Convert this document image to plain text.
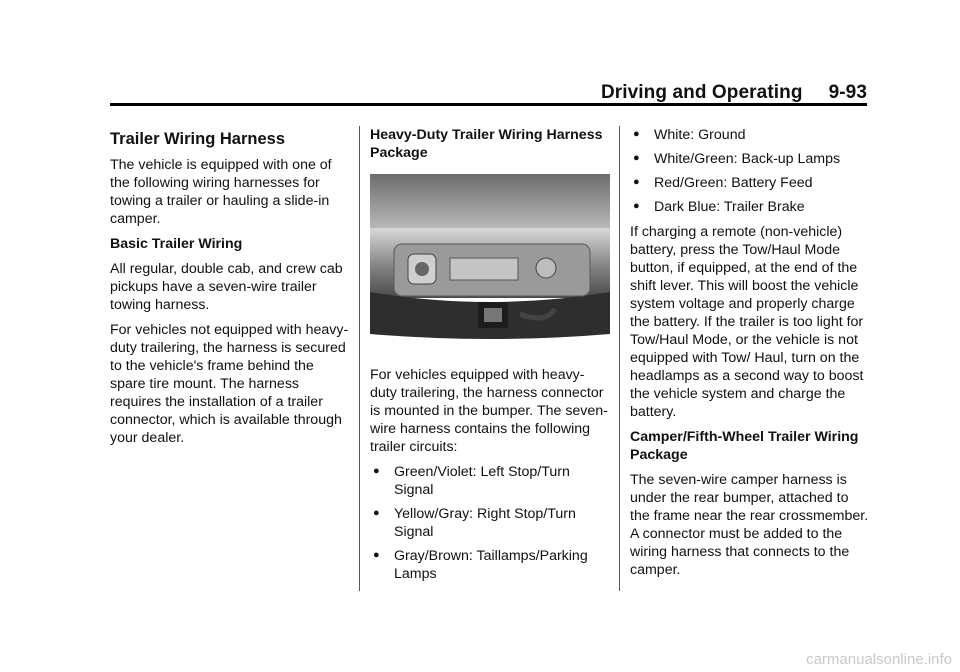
Driving and Operating 9-93
Trailer Wiring Harness

The vehicle is equipped with one of the following wiring harnesses for towing a trailer or hauling a slide-in camper.

Basic Trailer Wiring

All regular, double cab, and crew cab pickups have a seven-wire trailer towing harness.

For vehicles not equipped with heavy-duty trailering, the harness is secured to the vehicle's frame behind the spare tire mount. The harness requires the installation of a trailer connector, which is available through your dealer.

Heavy-Duty Trailer Wiring Harness Package

For vehicles equipped with heavy-duty trailering, the harness connector is mounted in the bumper. The seven-wire harness contains the following trailer circuits:

● Green/Violet: Left Stop/Turn Signal
● Yellow/Gray: Right Stop/Turn Signal
● Gray/Brown: Taillamps/Parking Lamps
● White: Ground
● White/Green: Back-up Lamps
● Red/Green: Battery Feed
● Dark Blue: Trailer Brake

If charging a remote (non-vehicle) battery, press the Tow/Haul Mode button, if equipped, at the end of the shift lever. This will boost the vehicle system voltage and properly charge the battery. If the trailer is too light for Tow/Haul Mode, or the vehicle is not equipped with Tow/ Haul, turn on the headlamps as a second way to boost the vehicle system and charge the battery.

Camper/Fifth-Wheel Trailer Wiring Package

The seven-wire camper harness is under the rear bumper, attached to the frame near the rear crossmember. A connector must be added to the wiring harness that connects to the camper.

carmanualsonline.info
